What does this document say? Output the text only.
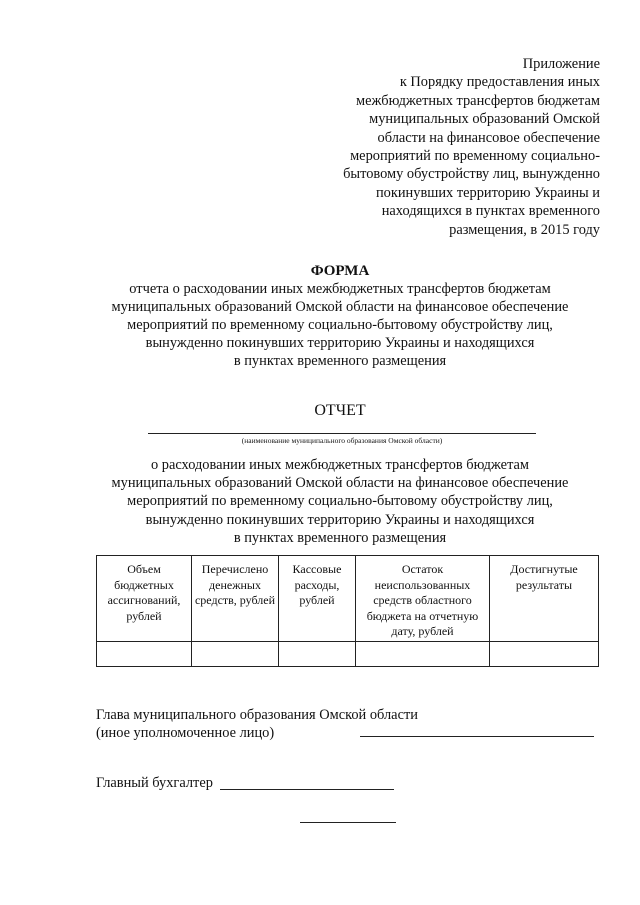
Приложение
к Порядку предоставления иных
межбюджетных трансфертов бюджетам
муниципальных образований Омской
области на финансовое обеспечение
мероприятий по временному социально-
бытовому обустройству лиц, вынужденно
покинувших территорию Украины и
находящихся в пунктах временного
размещения, в 2015 году

ФОРМА

отчета о расходовании иных межбюджетных трансфертов бюджетам
муниципальных образований Омской области на финансовое обеспечение
мероприятий по временному социально-бытовому обустройству лиц,
вынужденно покинувших территорию Украины и находящихся
в пунктах временного размещения

ОТЧЕТ
(наименование муниципального образования Омской области)

о расходовании иных межбюджетных трансфертов бюджетам
муниципальных образований Омской области на финансовое обеспечение
мероприятий по временному социально-бытовому обустройству лиц,
вынужденно покинувших территорию Украины и находящихся
в пунктах временного размещения

Объем бюджетных ассигнований, рублей	Перечислено денежных средств, рублей	Кассовые расходы, рублей	Остаток неиспользованных средств областного бюджета на отчетную дату, рублей	Достигнутые результаты

Глава муниципального образования Омской области
(иное уполномоченное лицо)
Главный бухгалтер
